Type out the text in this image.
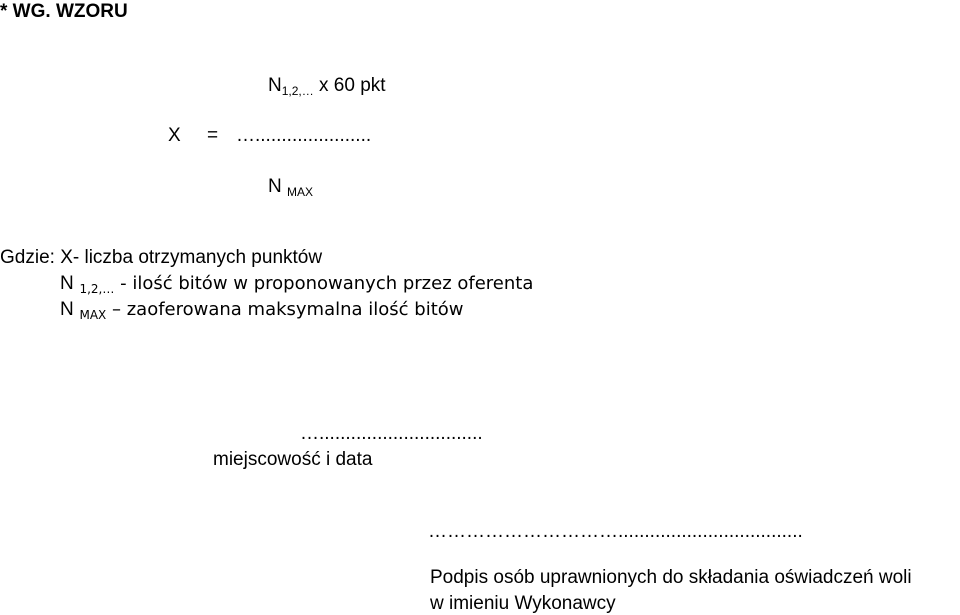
* WG. WZORU
$N_{1,2,\dots}$ x 60 pkt
X = …......................
N $_{MAX}$
Gdzie: X- liczba otrzymanych punktów
N $_{1,2,\dots}$ - ilość bitów w proponowanych przez oferenta
N $_{MAX}$ – zaoferowana maksymalna ilość bitów
…...............................
miejscowość i data
…………………………...................................
Podpis osób uprawnionych do składania oświadczeń woli
w imieniu Wykonawcy
